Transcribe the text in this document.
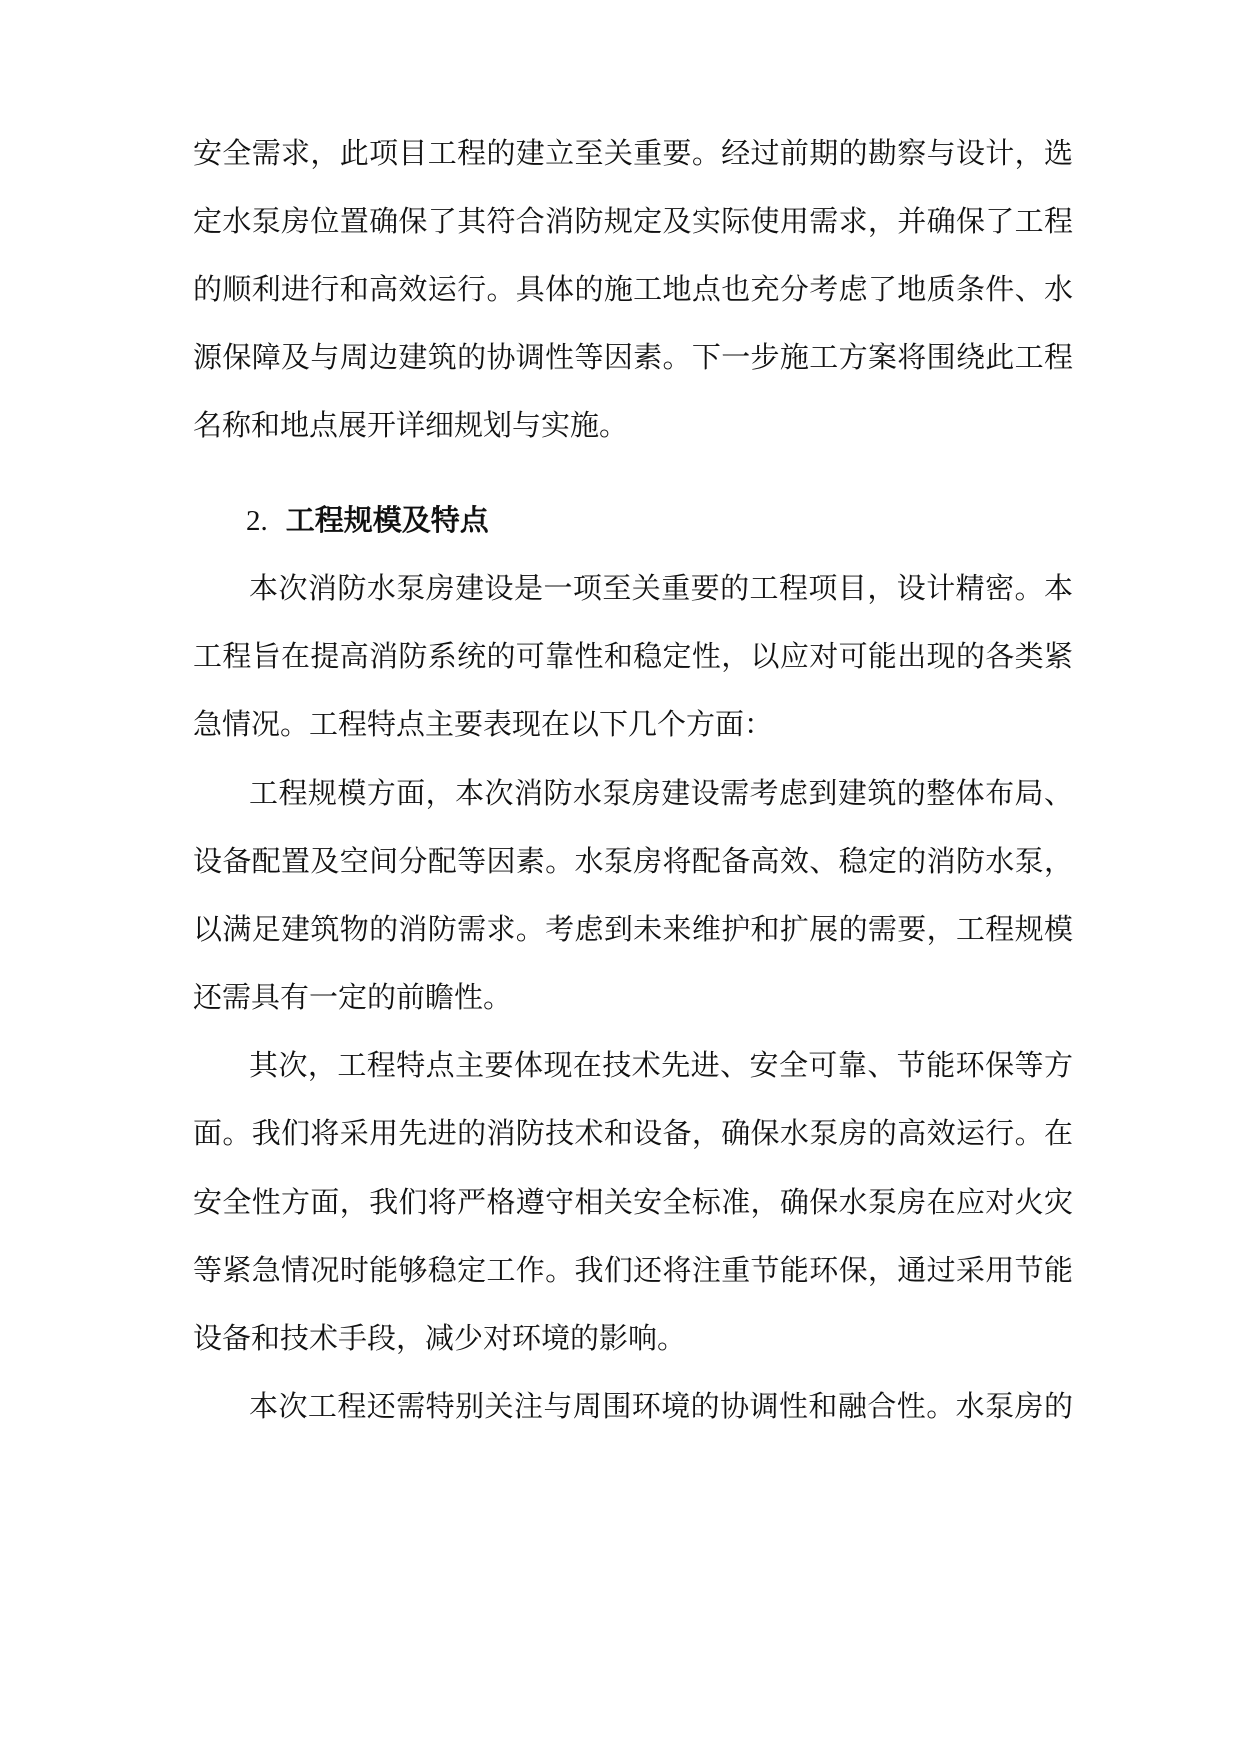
安全需求，此项目工程的建立至关重要。经过前期的勘察与设计，选
定水泵房位置确保了其符合消防规定及实际使用需求，并确保了工程
的顺利进行和高效运行。具体的施工地点也充分考虑了地质条件、水
源保障及与周边建筑的协调性等因素。下一步施工方案将围绕此工程
名称和地点展开详细规划与实施。
2. 工程规模及特点
本次消防水泵房建设是一项至关重要的工程项目，设计精密。本
工程旨在提高消防系统的可靠性和稳定性，以应对可能出现的各类紧
急情况。工程特点主要表现在以下几个方面：
工程规模方面，本次消防水泵房建设需考虑到建筑的整体布局、
设备配置及空间分配等因素。水泵房将配备高效、稳定的消防水泵，
以满足建筑物的消防需求。考虑到未来维护和扩展的需要，工程规模
还需具有一定的前瞻性。
其次，工程特点主要体现在技术先进、安全可靠、节能环保等方
面。我们将采用先进的消防技术和设备，确保水泵房的高效运行。在
安全性方面，我们将严格遵守相关安全标准，确保水泵房在应对火灾
等紧急情况时能够稳定工作。我们还将注重节能环保，通过采用节能
设备和技术手段，减少对环境的影响。
本次工程还需特别关注与周围环境的协调性和融合性。水泵房的
